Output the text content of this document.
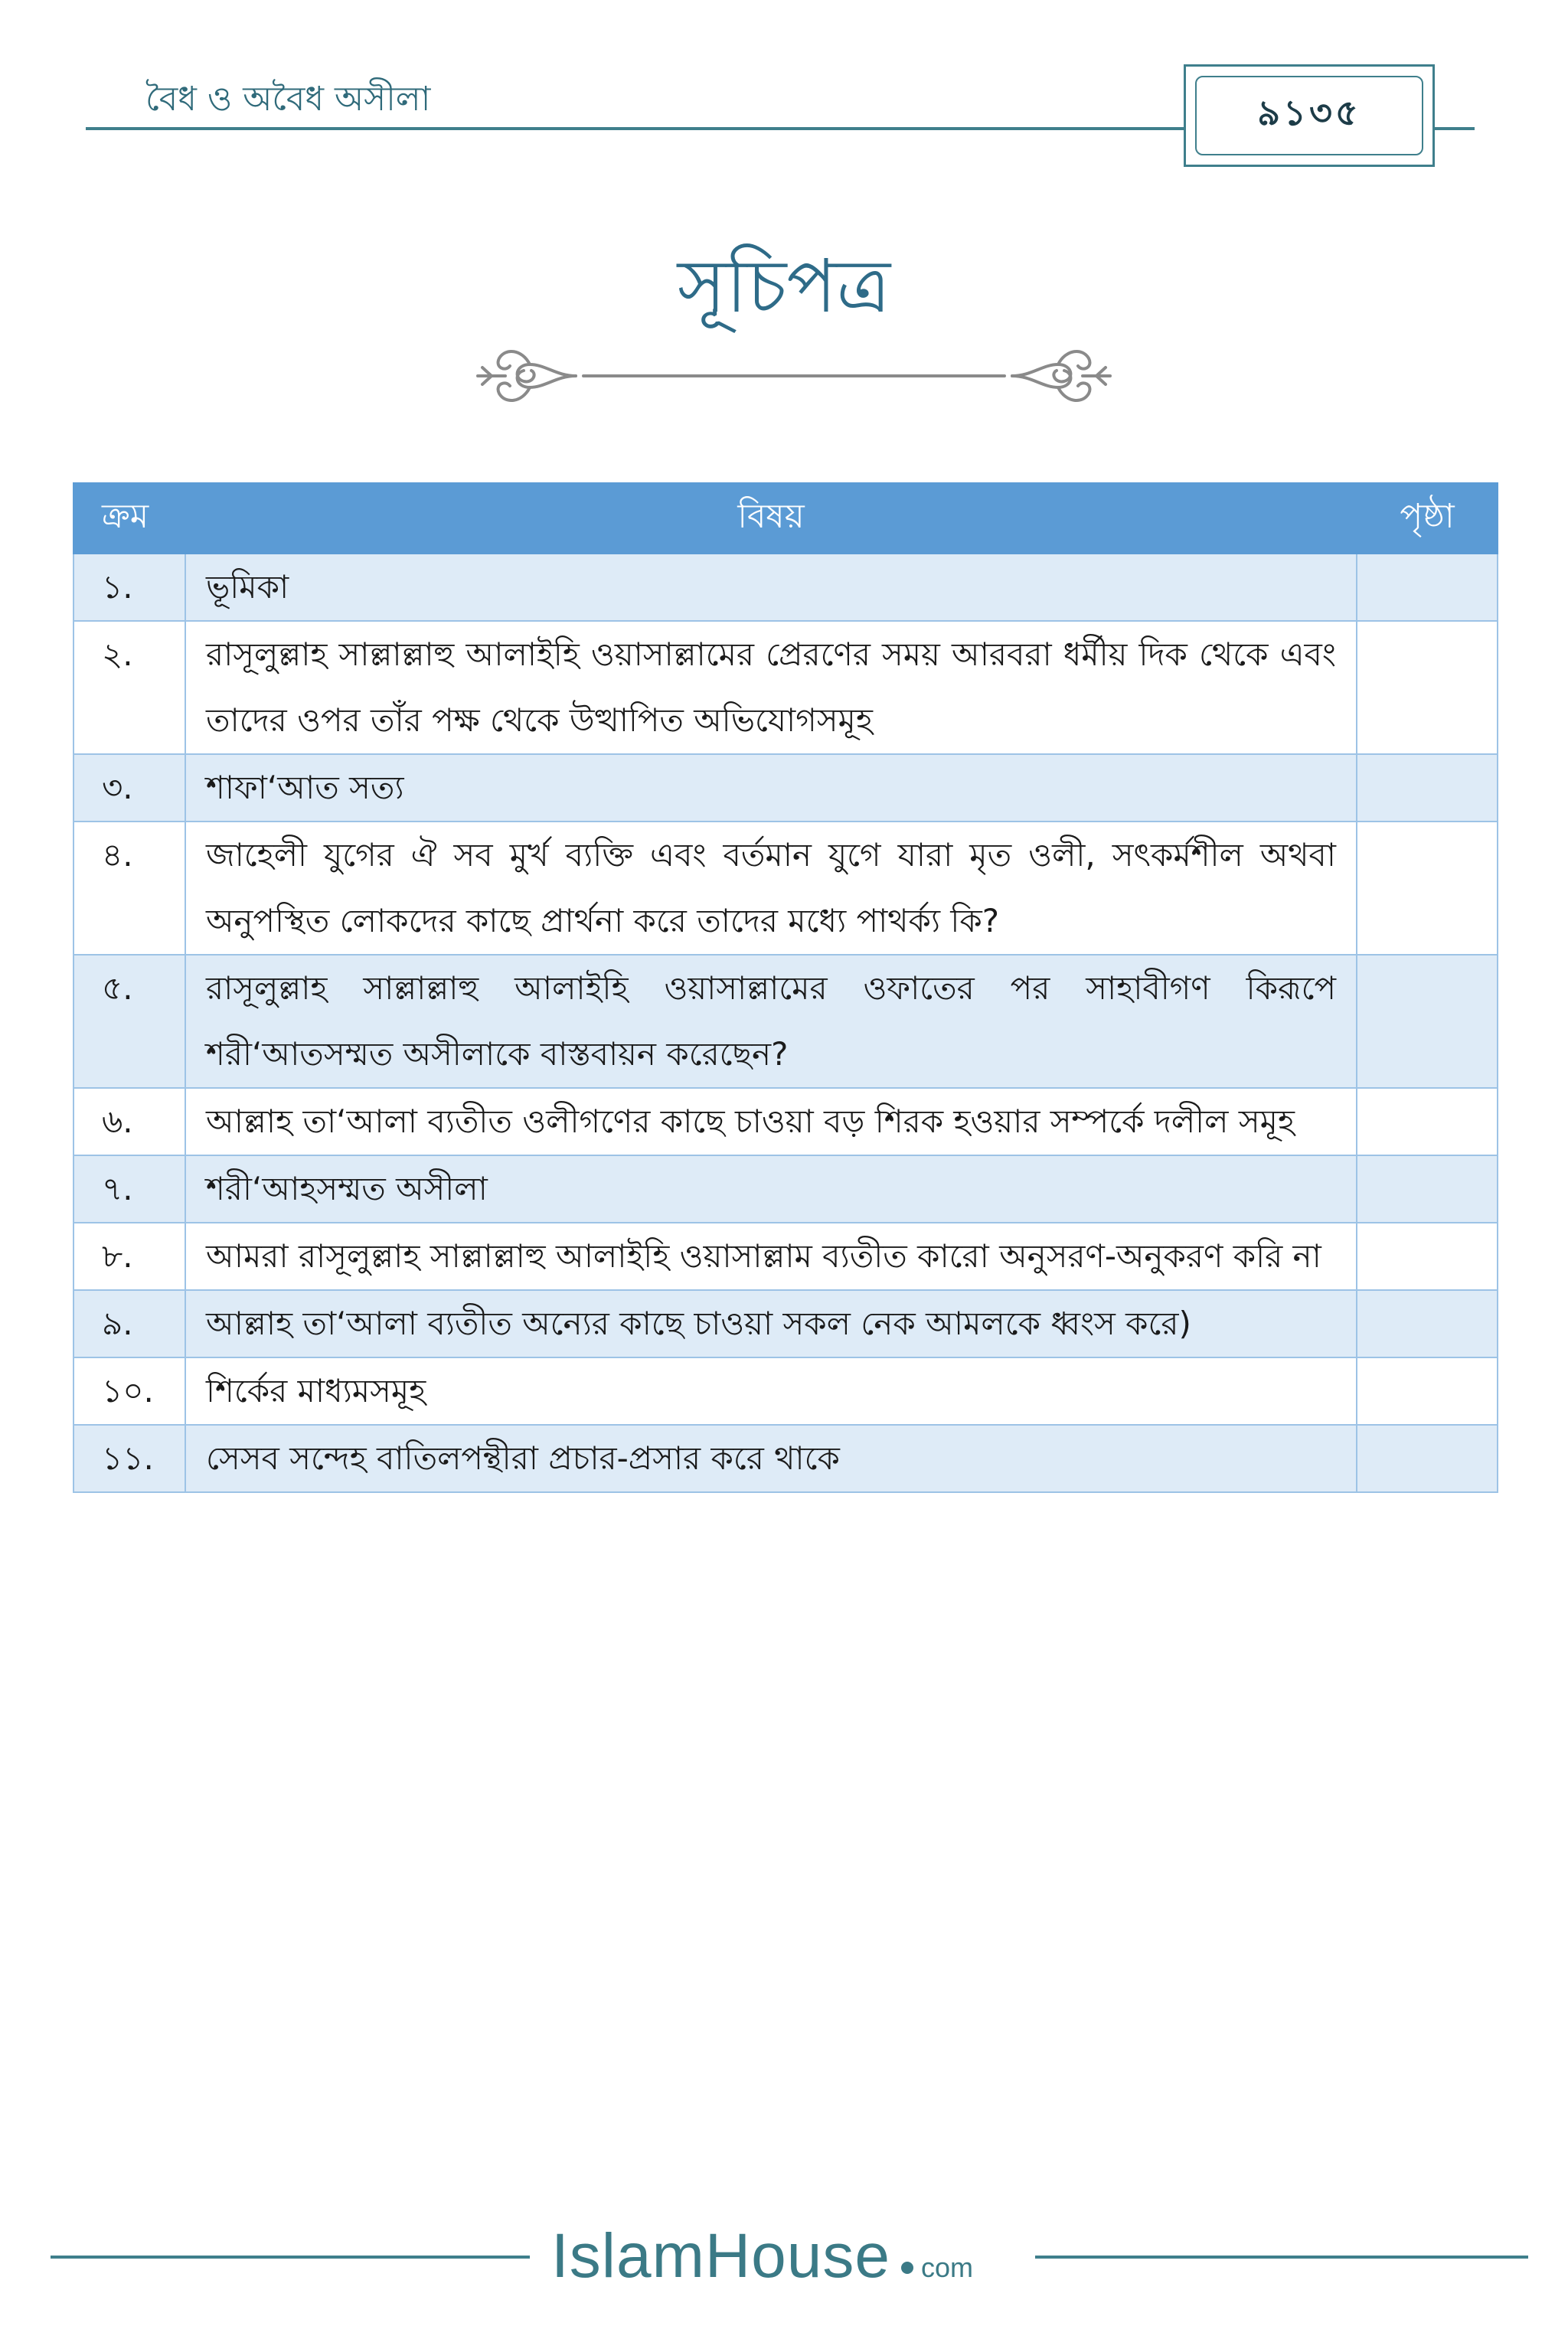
বৈধ ও অবৈধ অসীলা	৯১৩৫
সূচিপত্র
ক্রম	বিষয়	পৃষ্ঠা
১.	ভূমিকা	
২.	রাসূলুল্লাহ সাল্লাল্লাহু আলাইহি ওয়াসাল্লামের প্রেরণের সময় আরবরা ধর্মীয় দিক থেকে এবং তাদের ওপর তাঁর পক্ষ থেকে উত্থাপিত অভিযোগসমূহ	
৩.	শাফা‘আত সত্য	
৪.	জাহেলী যুগের ঐ সব মুর্খ ব্যক্তি এবং বর্তমান যুগে যারা মৃত ওলী, সৎকর্মশীল অথবা অনুপস্থিত লোকদের কাছে প্রার্থনা করে তাদের মধ্যে পাথর্ক্য কি?	
৫.	রাসূলুল্লাহ সাল্লাল্লাহু আলাইহি ওয়াসাল্লামের ওফাতের পর সাহাবীগণ কিরূপে শরী‘আতসম্মত অসীলাকে বাস্তবায়ন করেছেন?	
৬.	আল্লাহ তা‘আলা ব্যতীত ওলীগণের কাছে চাওয়া বড় শিরক হওয়ার সম্পর্কে দলীল সমূহ	
৭.	শরী‘আহসম্মত অসীলা	
৮.	আমরা রাসূলুল্লাহ সাল্লাল্লাহু আলাইহি ওয়াসাল্লাম ব্যতীত কারো অনুসরণ-অনুকরণ করি না	
৯.	আল্লাহ তা‘আলা ব্যতীত অন্যের কাছে চাওয়া সকল নেক আমলকে ধ্বংস করে)	
১০.	শির্কের মাধ্যমসমূহ	
১১.	সেসব সন্দেহ বাতিলপন্থীরা প্রচার-প্রসার করে থাকে	
IslamHouse com
